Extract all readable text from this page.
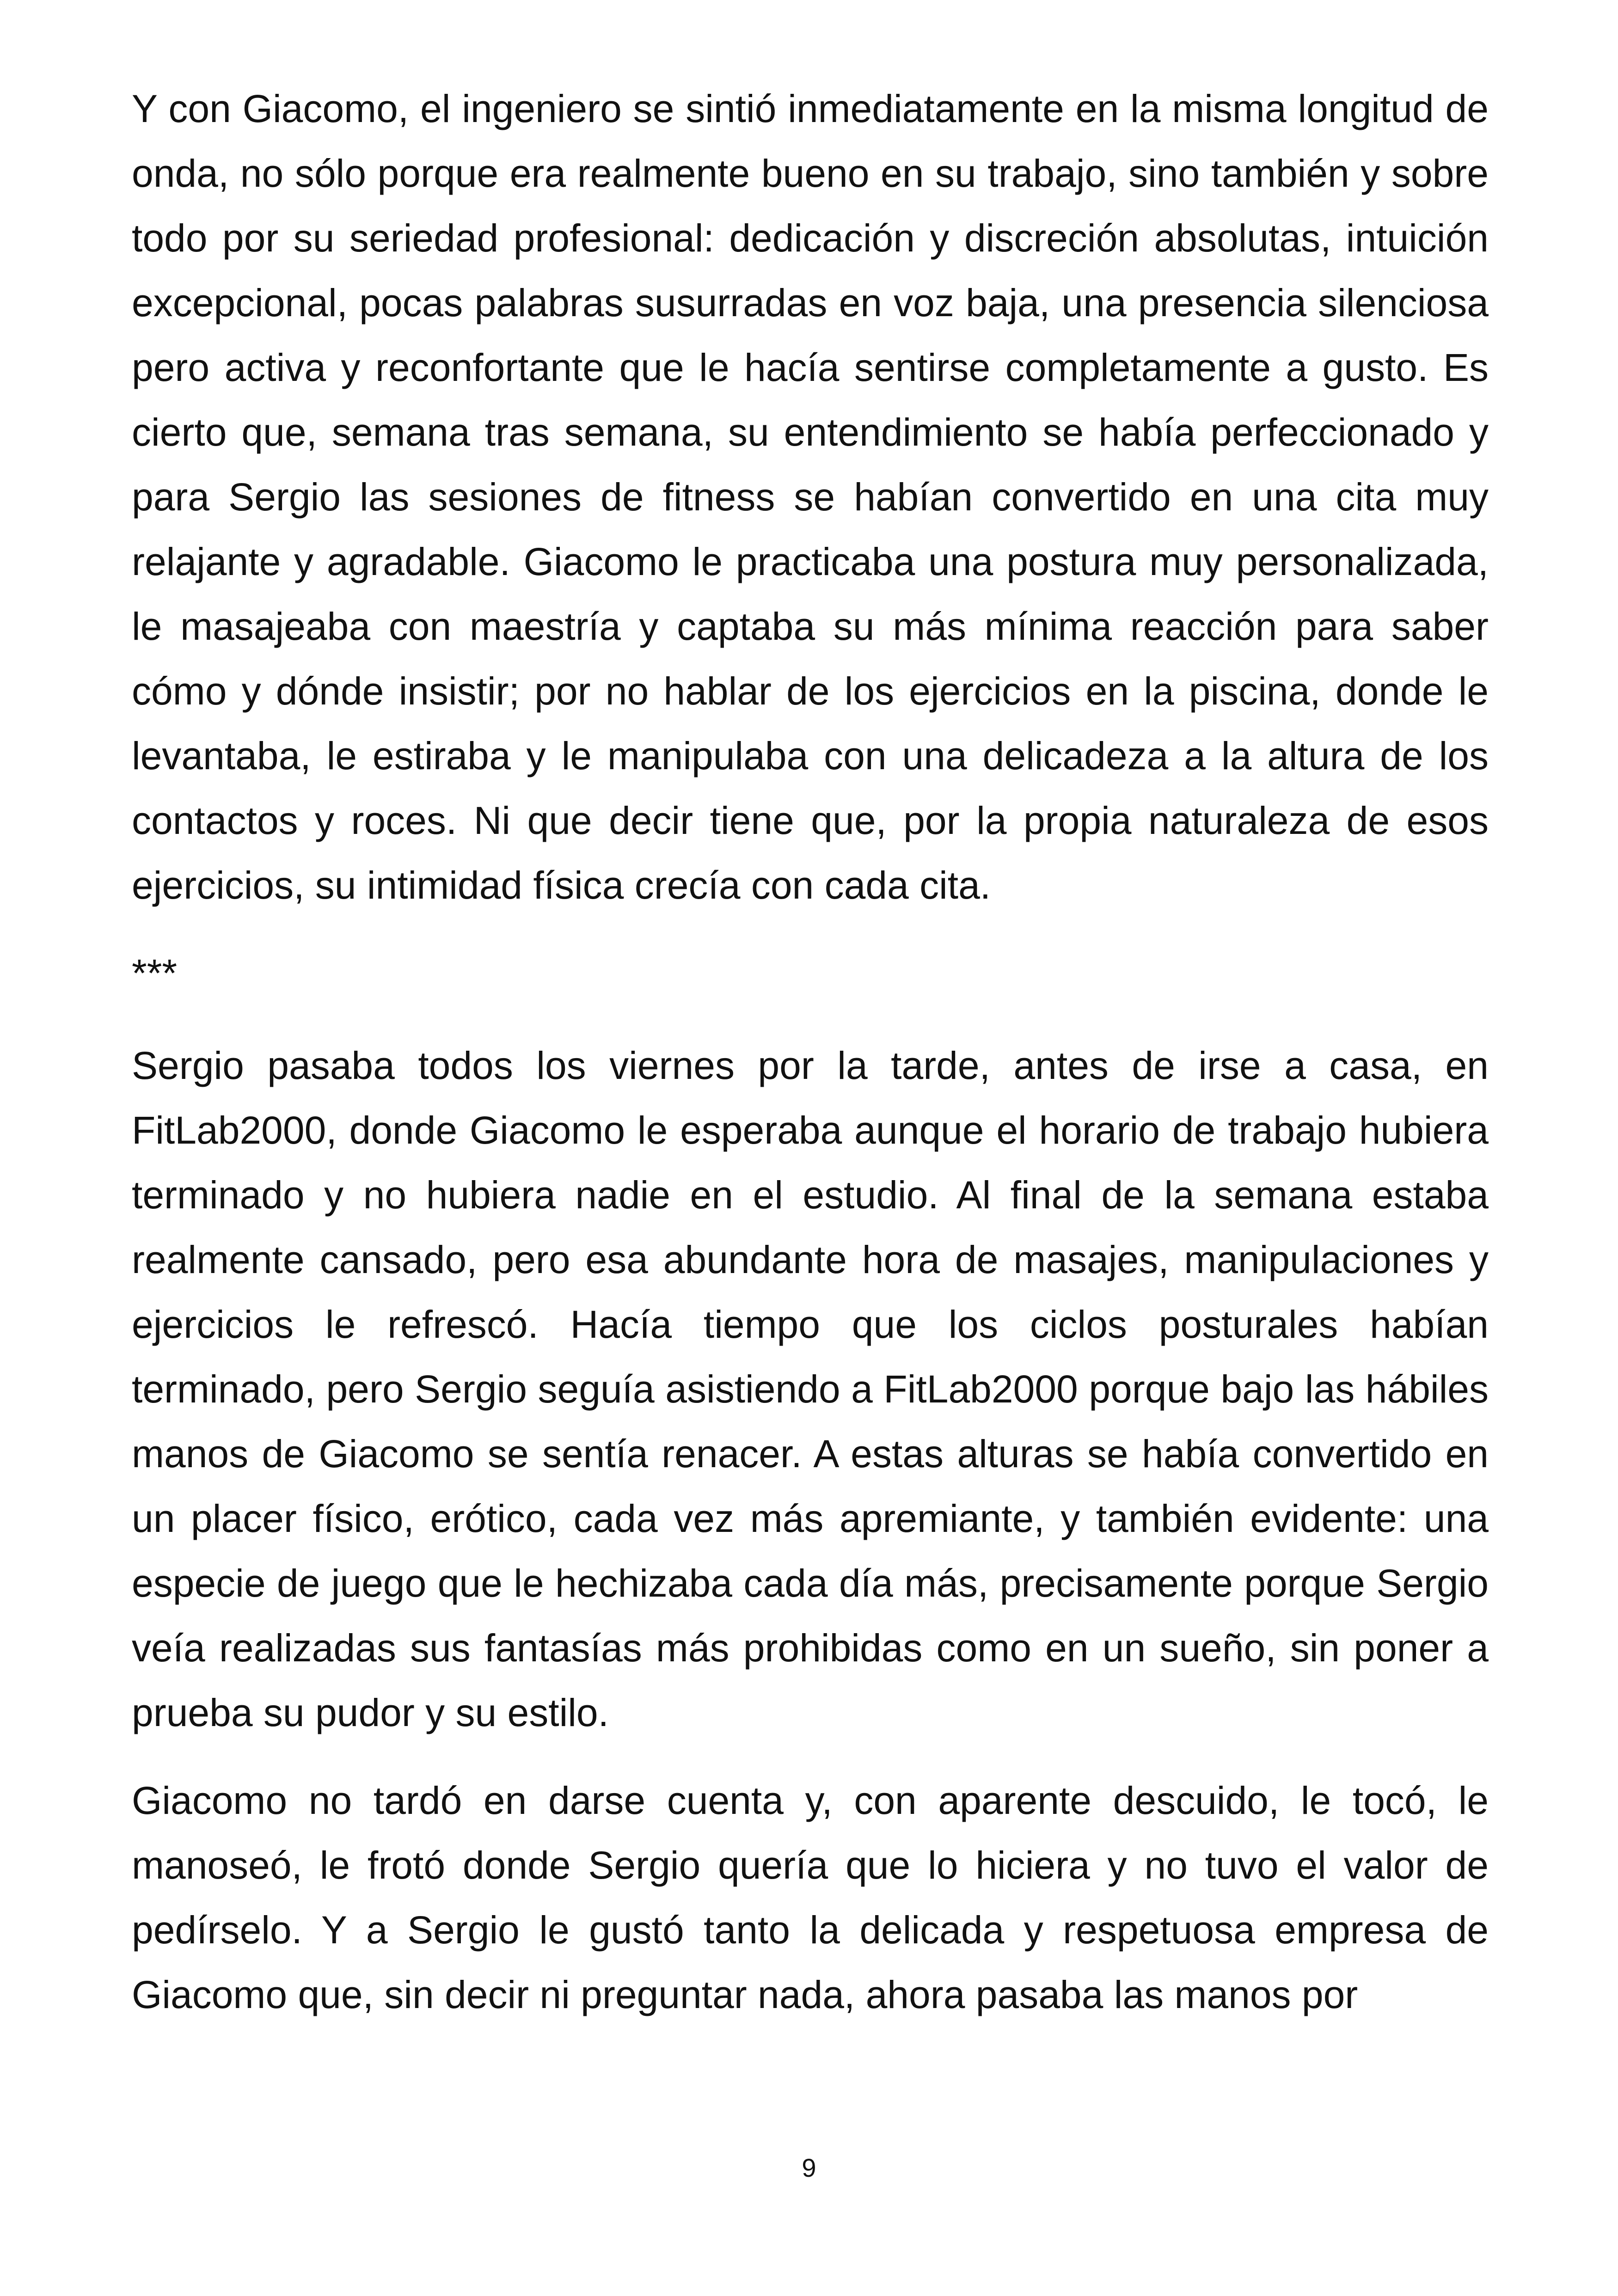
Y con Giacomo, el ingeniero se sintió inmediatamente en la misma longitud de onda, no sólo porque era realmente bueno en su trabajo, sino también y sobre todo por su seriedad profesional: dedicación y discreción absolutas, intuición excepcional, pocas palabras susurradas en voz baja, una presencia silenciosa pero activa y reconfortante que le hacía sentirse completamente a gusto. Es cierto que, semana tras semana, su entendimiento se había perfeccionado y para Sergio las sesiones de fitness se habían convertido en una cita muy relajante y agradable. Giacomo le practicaba una postura muy personalizada, le masajeaba con maestría y captaba su más mínima reacción para saber cómo y dónde insistir; por no hablar de los ejercicios en la piscina, donde le levantaba, le estiraba y le manipulaba con una delicadeza a la altura de los contactos y roces. Ni que decir tiene que, por la propia naturaleza de esos ejercicios, su intimidad física crecía con cada cita.

***

Sergio pasaba todos los viernes por la tarde, antes de irse a casa, en FitLab2000, donde Giacomo le esperaba aunque el horario de trabajo hubiera terminado y no hubiera nadie en el estudio. Al final de la semana estaba realmente cansado, pero esa abundante hora de masajes, manipulaciones y ejercicios le refrescó. Hacía tiempo que los ciclos posturales habían terminado, pero Sergio seguía asistiendo a FitLab2000 porque bajo las hábiles manos de Giacomo se sentía renacer. A estas alturas se había convertido en un placer físico, erótico, cada vez más apremiante, y también evidente: una especie de juego que le hechizaba cada día más, precisamente porque Sergio veía realizadas sus fantasías más prohibidas como en un sueño, sin poner a prueba su pudor y su estilo.

Giacomo no tardó en darse cuenta y, con aparente descuido, le tocó, le manoseó, le frotó donde Sergio quería que lo hiciera y no tuvo el valor de pedírselo. Y a Sergio le gustó tanto la delicada y respetuosa empresa de Giacomo que, sin decir ni preguntar nada, ahora pasaba las manos por

9
